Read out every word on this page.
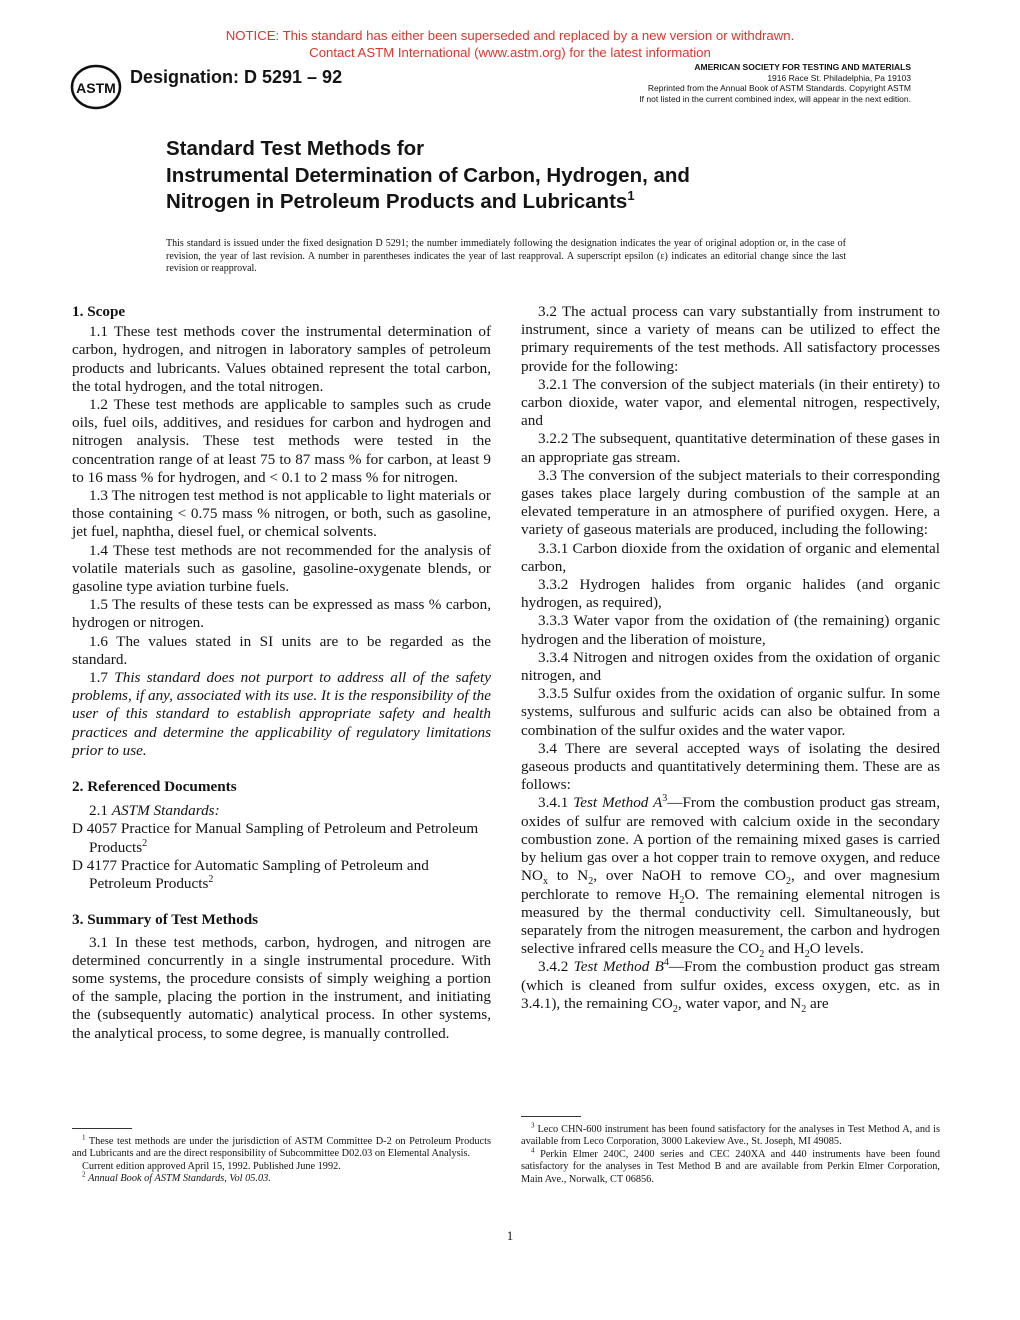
NOTICE: This standard has either been superseded and replaced by a new version or withdrawn.
Contact ASTM International (www.astm.org) for the latest information
ASTM
Designation: D 5291 – 92	AMERICAN SOCIETY FOR TESTING AND MATERIALS
1916 Race St. Philadelphia, Pa 19103
Reprinted from the Annual Book of ASTM Standards. Copyright ASTM
If not listed in the current combined index, will appear in the next edition.
Standard Test Methods for
Instrumental Determination of Carbon, Hydrogen, and
Nitrogen in Petroleum Products and Lubricants$^1$
This standard is issued under the fixed designation D 5291; the number immediately following the designation indicates the year of original adoption or, in the case of revision, the year of last revision. A number in parentheses indicates the year of last reapproval. A superscript epsilon (ε) indicates an editorial change since the last revision or reapproval.
1. Scope

1.1 These test methods cover the instrumental determination of carbon, hydrogen, and nitrogen in laboratory samples of petroleum products and lubricants. Values obtained represent the total carbon, the total hydrogen, and the total nitrogen.

1.2 These test methods are applicable to samples such as crude oils, fuel oils, additives, and residues for carbon and hydrogen and nitrogen analysis. These test methods were tested in the concentration range of at least 75 to 87 mass % for carbon, at least 9 to 16 mass % for hydrogen, and < 0.1 to 2 mass % for nitrogen.

1.3 The nitrogen test method is not applicable to light materials or those containing < 0.75 mass % nitrogen, or both, such as gasoline, jet fuel, naphtha, diesel fuel, or chemical solvents.

1.4 These test methods are not recommended for the analysis of volatile materials such as gasoline, gasoline-oxygenate blends, or gasoline type aviation turbine fuels.

1.5 The results of these tests can be expressed as mass % carbon, hydrogen or nitrogen.

1.6 The values stated in SI units are to be regarded as the standard.

1.7 This standard does not purport to address all of the safety problems, if any, associated with its use. It is the responsibility of the user of this standard to establish appropriate safety and health practices and determine the applicability of regulatory limitations prior to use.

2. Referenced Documents

2.1 ASTM Standards:

D 4057 Practice for Manual Sampling of Petroleum and Petroleum Products$^2$

D 4177 Practice for Automatic Sampling of Petroleum and Petroleum Products$^2$

3. Summary of Test Methods

3.1 In these test methods, carbon, hydrogen, and nitrogen are determined concurrently in a single instrumental procedure. With some systems, the procedure consists of simply weighing a portion of the sample, placing the portion in the instrument, and initiating the (subsequently automatic) analytical process. In other systems, the analytical process, to some degree, is manually controlled.

3.2 The actual process can vary substantially from instrument to instrument, since a variety of means can be utilized to effect the primary requirements of the test methods. All satisfactory processes provide for the following:

3.2.1 The conversion of the subject materials (in their entirety) to carbon dioxide, water vapor, and elemental nitrogen, respectively, and

3.2.2 The subsequent, quantitative determination of these gases in an appropriate gas stream.

3.3 The conversion of the subject materials to their corresponding gases takes place largely during combustion of the sample at an elevated temperature in an atmosphere of purified oxygen. Here, a variety of gaseous materials are produced, including the following:

3.3.1 Carbon dioxide from the oxidation of organic and elemental carbon,

3.3.2 Hydrogen halides from organic halides (and organic hydrogen, as required),

3.3.3 Water vapor from the oxidation of (the remaining) organic hydrogen and the liberation of moisture,

3.3.4 Nitrogen and nitrogen oxides from the oxidation of organic nitrogen, and

3.3.5 Sulfur oxides from the oxidation of organic sulfur. In some systems, sulfurous and sulfuric acids can also be obtained from a combination of the sulfur oxides and the water vapor.

3.4 There are several accepted ways of isolating the desired gaseous products and quantitatively determining them. These are as follows:

3.4.1 Test Method $A^3—From$ the combustion product gas stream, oxides of sulfur are removed with calcium oxide in the secondary combustion zone. A portion of the remaining mixed gases is carried by helium gas over a hot copper train to remove oxygen, and reduce $NO_x$ to $N_2$, over NaOH to remove $CO_2$, and over magnesium perchlorate to remove $H_2O$. The remaining elemental nitrogen is measured by the thermal conductivity cell. Simultaneously, but separately from the nitrogen measurement, the carbon and hydrogen selective infrared cells measure the $CO_2$ and $H_2O$ levels.

3.4.2 Test Method $B^4—From$ the combustion product gas stream (which is cleaned from sulfur oxides, excess oxygen, etc. as in 3.4.1), the remaining $CO_2$, water vapor, and $N_2$ are

$^1$ These test methods are under the jurisdiction of ASTM Committee D-2 on Petroleum Products and Lubricants and are the direct responsibility of Subcommittee D02.03 on Elemental Analysis.

Current edition approved April 15, 1992. Published June 1992.

$^2$ Annual Book of ASTM Standards, Vol 05.03.

$^3$ Leco CHN-600 instrument has been found satisfactory for the analyses in Test Method A, and is available from Leco Corporation, 3000 Lakeview Ave., St. Joseph, MI 49085.

$^4$ Perkin Elmer 240C, 2400 series and CEC 240XA and 440 instruments have been found satisfactory for the analyses in Test Method B and are available from Perkin Elmer Corporation, Main Ave., Norwalk, CT 06856.

1
